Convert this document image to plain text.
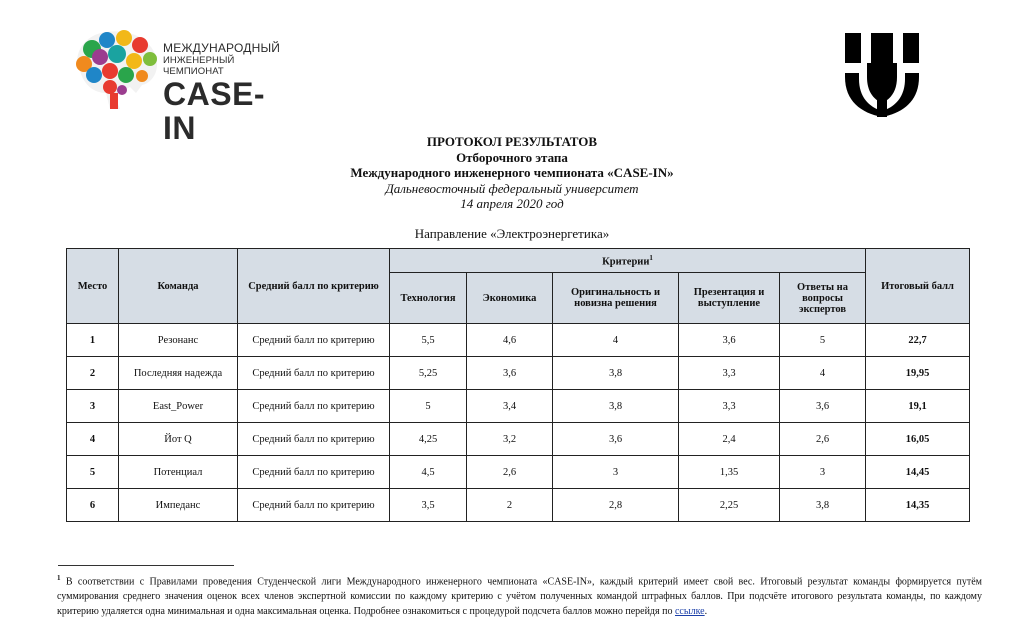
МЕЖДУНАРОДНЫЙ
ИНЖЕНЕРНЫЙ ЧЕМПИОНАТ
CASE-IN	ПРОТОКОЛ РЕЗУЛЬТАТОВ
Отборочного этапа
Международного инженерного чемпионата «CASE-IN»
Дальневосточный федеральный университет
14 апреля 2020 год
Направление «Электроэнергетика»
Место	Команда	Средний балл по критерию	Критерии$^1$					Итоговый балл
			Технология	Экономика	Оригинальность и новизна решения	Презентация и выступление	Ответы на вопросы экспертов	
1	Резонанс	Средний балл по критерию	5,5	4,6	4	3,6	5	22,7
2	Последняя надежда	Средний балл по критерию	5,25	3,6	3,8	3,3	4	19,95
3	East_Power	Средний балл по критерию	5	3,4	3,8	3,3	3,6	19,1
4	Йот Q	Средний балл по критерию	4,25	3,2	3,6	2,4	2,6	16,05
5	Потенциал	Средний балл по критерию	4,5	2,6	3	1,35	3	14,45
6	Импеданс	Средний балл по критерию	3,5	2	2,8	2,25	3,8	14,35
$^1$ В соответствии с Правилами проведения Студенческой лиги Международного инженерного чемпионата «CASE-IN», каждый критерий имеет свой вес. Итоговый результат команды формируется путём суммирования среднего значения оценок всех членов экспертной комиссии по каждому критерию с учётом полученных командой штрафных баллов. При подсчёте итогового результата команды, по каждому критерию удаляется одна минимальная и одна максимальная оценка. Подробнее ознакомиться с процедурой подсчета баллов можно перейдя по ссылке.
